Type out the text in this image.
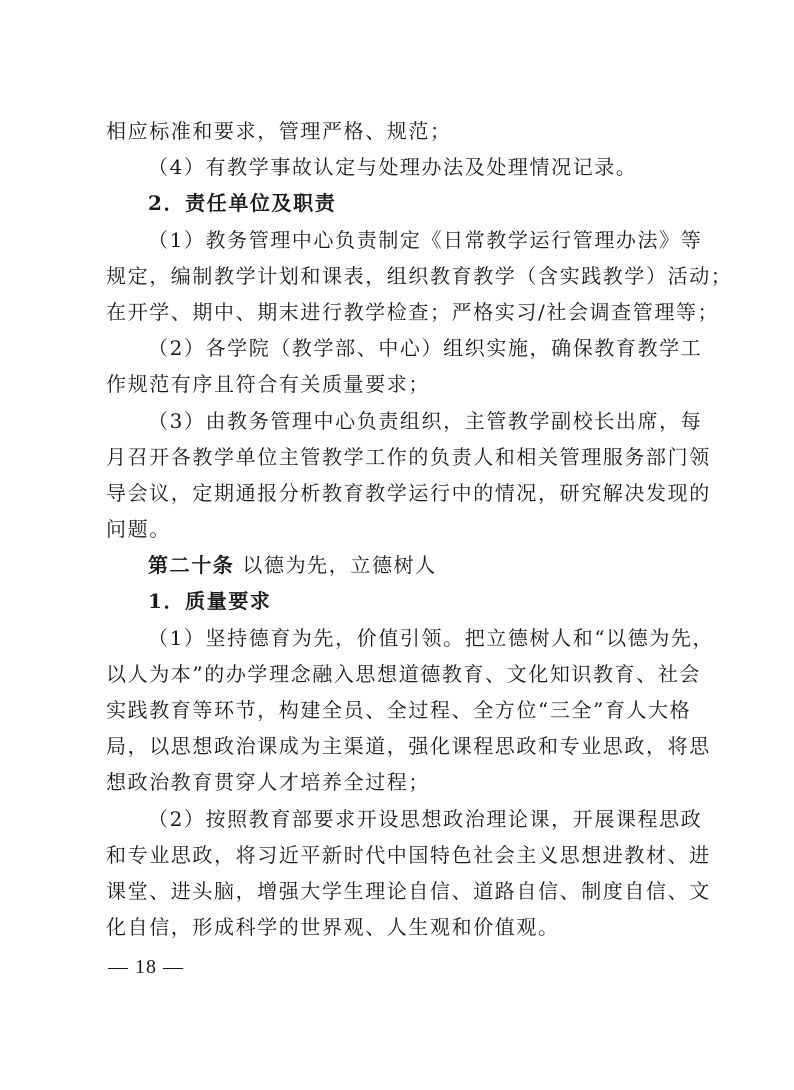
相应标准和要求，管理严格、规范；
（4）有教学事故认定与处理办法及处理情况记录。
2．责任单位及职责
（1）教务管理中心负责制定《日常教学运行管理办法》等
规定，编制教学计划和课表，组织教育教学（含实践教学）活动；
在开学、期中、期末进行教学检查；严格实习/社会调查管理等；
（2）各学院（教学部、中心）组织实施，确保教育教学工
作规范有序且符合有关质量要求；
（3）由教务管理中心负责组织，主管教学副校长出席，每
月召开各教学单位主管教学工作的负责人和相关管理服务部门领
导会议，定期通报分析教育教学运行中的情况，研究解决发现的
问题。
第二十条 以德为先，立德树人
1．质量要求
（1）坚持德育为先，价值引领。把立德树人和“以德为先，
以人为本”的办学理念融入思想道德教育、文化知识教育、社会
实践教育等环节，构建全员、全过程、全方位“三全”育人大格
局，以思想政治课成为主渠道，强化课程思政和专业思政，将思
想政治教育贯穿人才培养全过程；
（2）按照教育部要求开设思想政治理论课，开展课程思政
和专业思政，将习近平新时代中国特色社会主义思想进教材、进
课堂、进头脑，增强大学生理论自信、道路自信、制度自信、文
化自信，形成科学的世界观、人生观和价值观。
— 18 —
